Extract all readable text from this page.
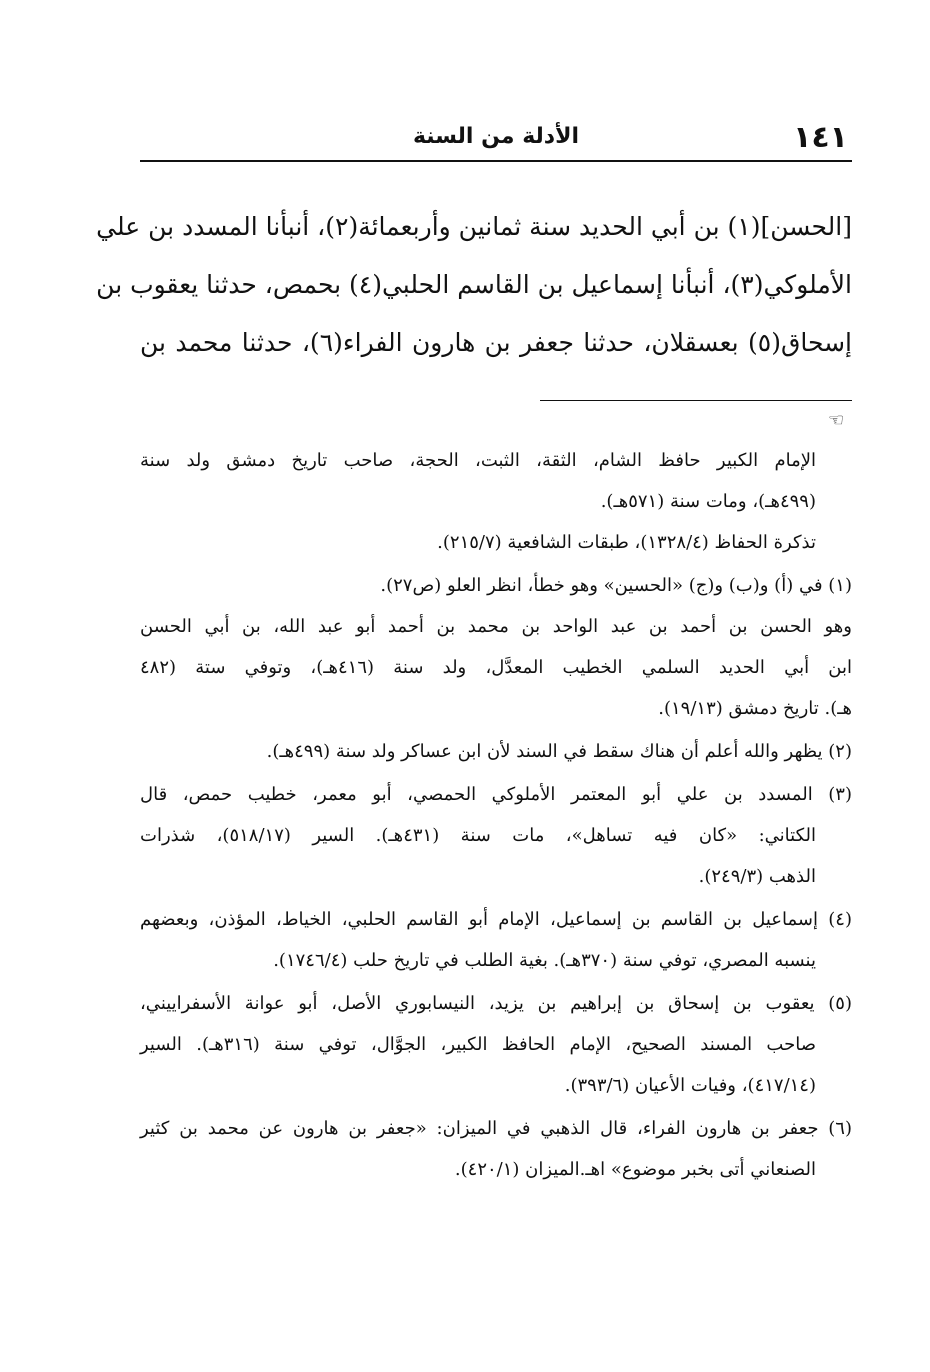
١٤١
الأدلة من السنة
[الحسن](١) بن أبي الحديد سنة ثمانين وأربعمائة(٢)، أنبأنا المسدد بن علي
الأملوكي(٣)، أنبأنا إسماعيل بن القاسم الحلبي(٤) بحمص، حدثنا يعقوب بن
إسحاق(٥) بعسقلان، حدثنا جعفر بن هارون الفراء(٦)، حدثنا محمد بن
☜
الإمام الكبير حافظ الشام، الثقة، الثبت، الحجة، صاحب تاريخ دمشق ولد سنة
(٤٩٩هـ)، ومات سنة (٥٧١هـ).
تذكرة الحفاظ (١٣٢٨/٤)، طبقات الشافعية (٢١٥/٧).
(١) في (أ) و(ب) و(ج) «الحسين» وهو خطأ، انظر العلو (ص٢٧).
وهو الحسن بن أحمد بن عبد الواحد بن محمد بن أحمد أبو عبد الله، بن أبي الحسن
ابن أبي الحديد السلمي الخطيب المعدَّل، ولد سنة (٤١٦هـ)، وتوفي ستة (٤٨٢
هـ). تاريخ دمشق (١٩/١٣).
(٢) يظهر والله أعلم أن هناك سقط في السند لأن ابن عساكر ولد سنة (٤٩٩هـ).
(٣) المسدد بن علي أبو المعتمر الأملوكي الحمصي، أبو معمر، خطيب حمص، قال
الكتاني: «كان فيه تساهل»، مات سنة (٤٣١هـ). السير (٥١٨/١٧)، شذرات
الذهب (٢٤٩/٣).
(٤) إسماعيل بن القاسم بن إسماعيل، الإمام أبو القاسم الحلبي، الخياط، المؤذن، وبعضهم
ينسبه المصري، توفي سنة (٣٧٠هـ). بغية الطلب في تاريخ حلب (١٧٤٦/٤).
(٥) يعقوب بن إسحاق بن إبراهيم بن يزيد، النيسابوري الأصل، أبو عوانة الأسفراييني،
صاحب المسند الصحيح، الإمام الحافظ الكبير، الجوَّال، توفي سنة (٣١٦هـ). السير
(٤١٧/١٤)، وفيات الأعيان (٣٩٣/٦).
(٦) جعفر بن هارون الفراء، قال الذهبي في الميزان: «جعفر بن هارون عن محمد بن كثير
الصنعاني أتى بخبر موضوع» اهـ.الميزان (٤٢٠/١).
